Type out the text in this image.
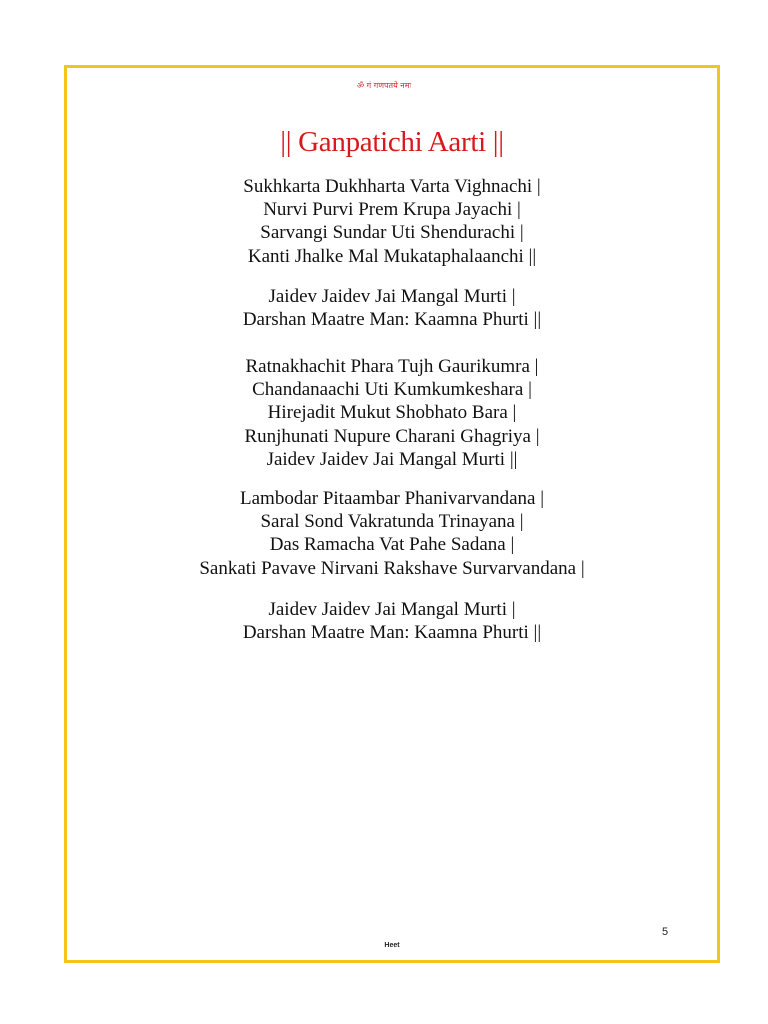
ॐ गं गणपतये नमः
|| Ganpatichi Aarti ||
Sukhkarta Dukhharta Varta Vighnachi |
Nurvi Purvi Prem Krupa Jayachi |
Sarvangi Sundar Uti Shendurachi |
Kanti Jhalke Mal Mukataphalaanchi ||
Jaidev Jaidev Jai Mangal Murti |
Darshan Maatre Man: Kaamna Phurti ||
Ratnakhachit Phara Tujh Gaurikumra |
Chandanaachi Uti Kumkumkeshara |
Hirejadit Mukut Shobhato Bara |
Runjhunati Nupure Charani Ghagriya |
Jaidev Jaidev Jai Mangal Murti ||
Lambodar Pitaambar Phanivarvandana |
Saral Sond Vakratunda Trinayana |
Das Ramacha Vat Pahe Sadana |
Sankati Pavave Nirvani Rakshave Survarvandana |
Jaidev Jaidev Jai Mangal Murti |
Darshan Maatre Man: Kaamna Phurti ||
5
Heet
